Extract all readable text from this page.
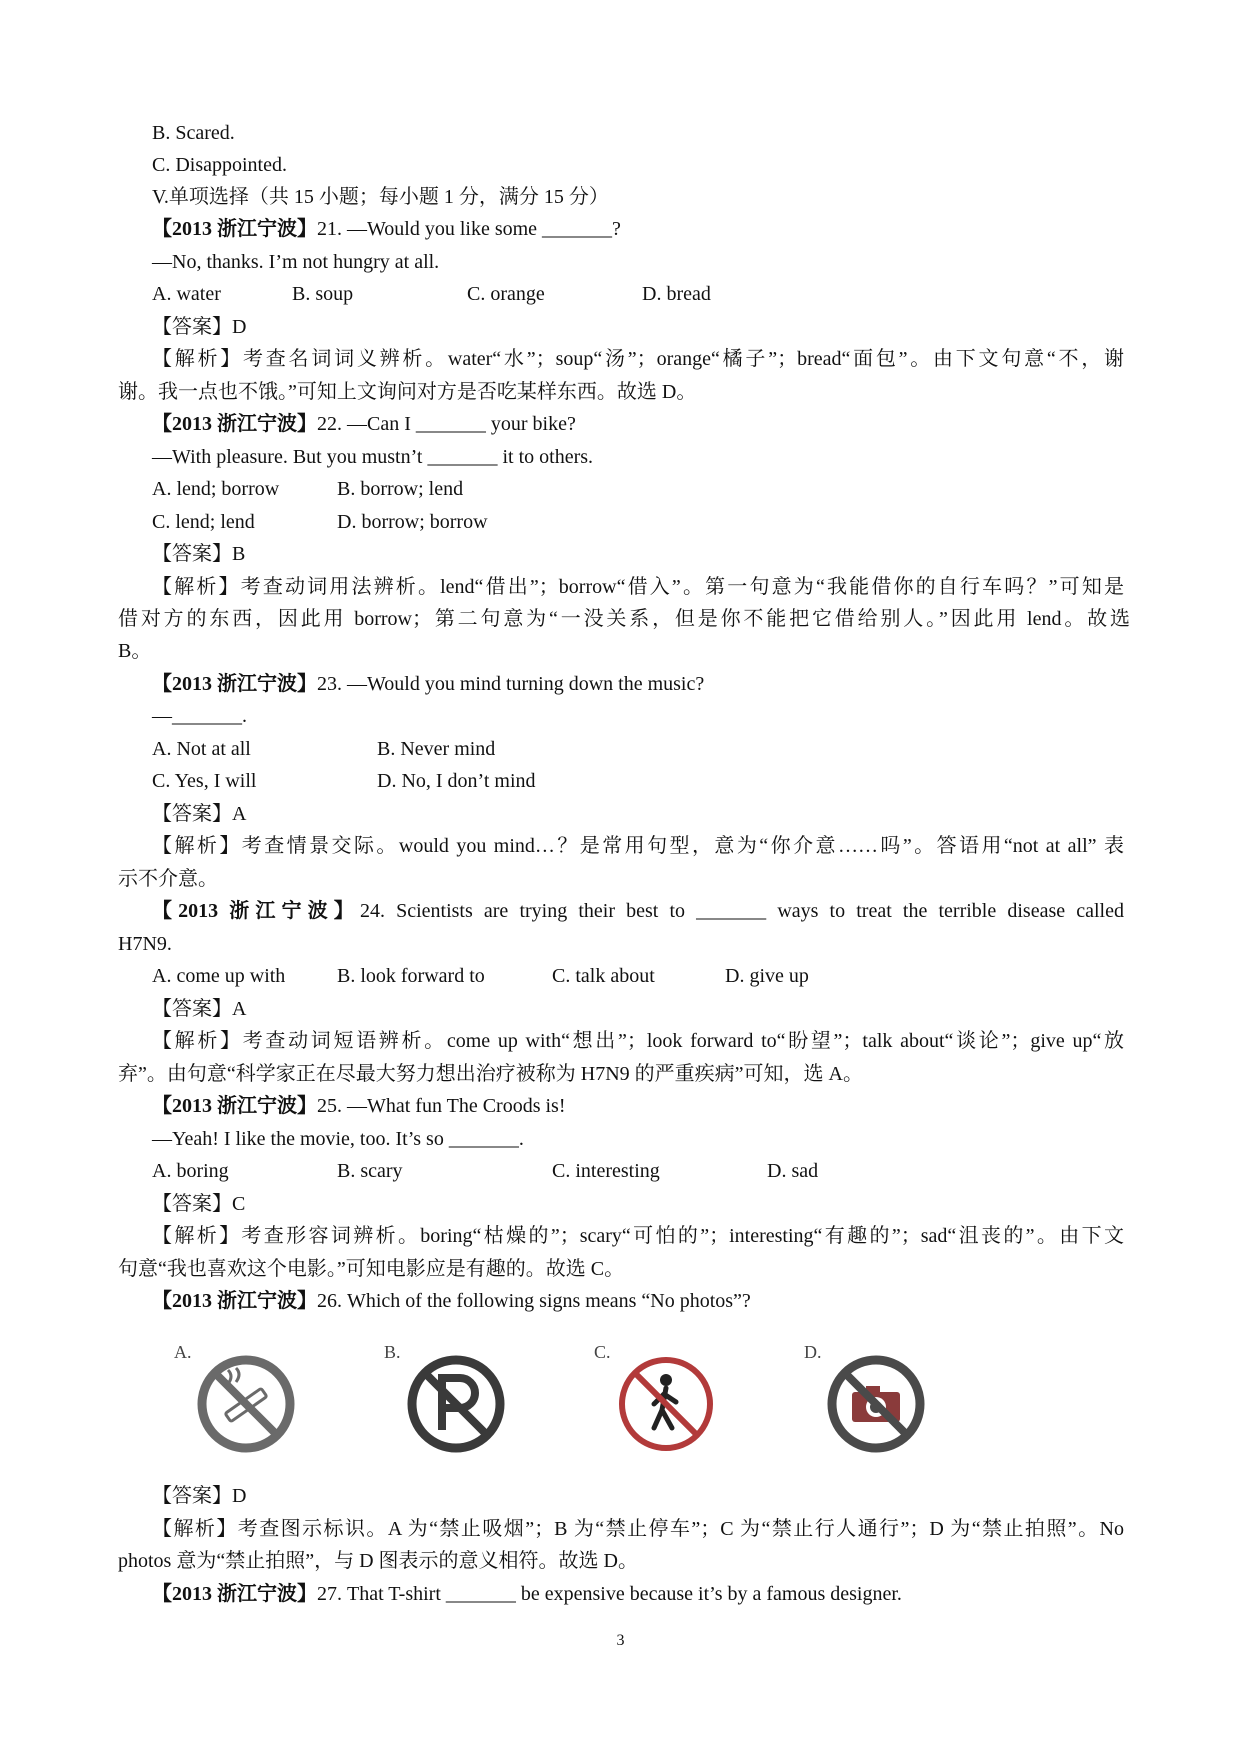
B. Scared.
C. Disappointed.
V.单项选择（共 15 小题；每小题 1 分，满分 15 分）
【2013 浙江宁波】21. —Would you like some _______?
—No, thanks. I’m not hungry at all.
A. water	B. soup	C. orange	D. bread
【答案】D
【解析】考查名词词义辨析。water“水”；soup“汤”；orange“橘子”；bread“面包”。由下文句意“不，谢
谢。我一点也不饿。”可知上文询问对方是否吃某样东西。故选 D。
【2013 浙江宁波】22. —Can I _______ your bike?
—With pleasure. But you mustn’t _______ it to others.
A. lend; borrow	B. borrow; lend
C. lend; lend	D. borrow; borrow
【答案】B
【解析】考查动词用法辨析。lend“借出”；borrow“借入”。第一句意为“我能借你的自行车吗？”可知是
借对方的东西，因此用 borrow；第二句意为“一没关系，但是你不能把它借给别人。”因此用 lend。故选
B。
【2013 浙江宁波】23. —Would you mind turning down the music?
—_______.
A. Not at all	B. Never mind
C. Yes, I will	D. No, I don’t mind
【答案】A
【解析】考查情景交际。would you mind…？是常用句型，意为“你介意……吗”。答语用“not at all” 表
示不介意。
【2013 浙江宁波】24. Scientists are trying their best to _______ ways to treat the terrible disease called
H7N9.
A. come up with	B. look forward to	C. talk about	D. give up
【答案】A
【解析】考查动词短语辨析。come up with“想出”；look forward to“盼望”；talk about“谈论”；give up“放
弃”。由句意“科学家正在尽最大努力想出治疗被称为 H7N9 的严重疾病”可知，选 A。
【2013 浙江宁波】25. —What fun The Croods is!
—Yeah! I like the movie, too. It’s so _______.
A. boring	B. scary	C. interesting	D. sad
【答案】C
【解析】考查形容词辨析。boring“枯燥的”；scary“可怕的”；interesting“有趣的”；sad“沮丧的”。由下文
句意“我也喜欢这个电影。”可知电影应是有趣的。故选 C。
【2013 浙江宁波】26. Which of the following signs means “No photos”?
A.	B.	C.	D.
【答案】D
【解析】考查图示标识。A 为“禁止吸烟”；B 为“禁止停车”；C 为“禁止行人通行”；D 为“禁止拍照”。No
photos 意为“禁止拍照”，与 D 图表示的意义相符。故选 D。
【2013 浙江宁波】27. That T-shirt _______ be expensive because it’s by a famous designer.
3
